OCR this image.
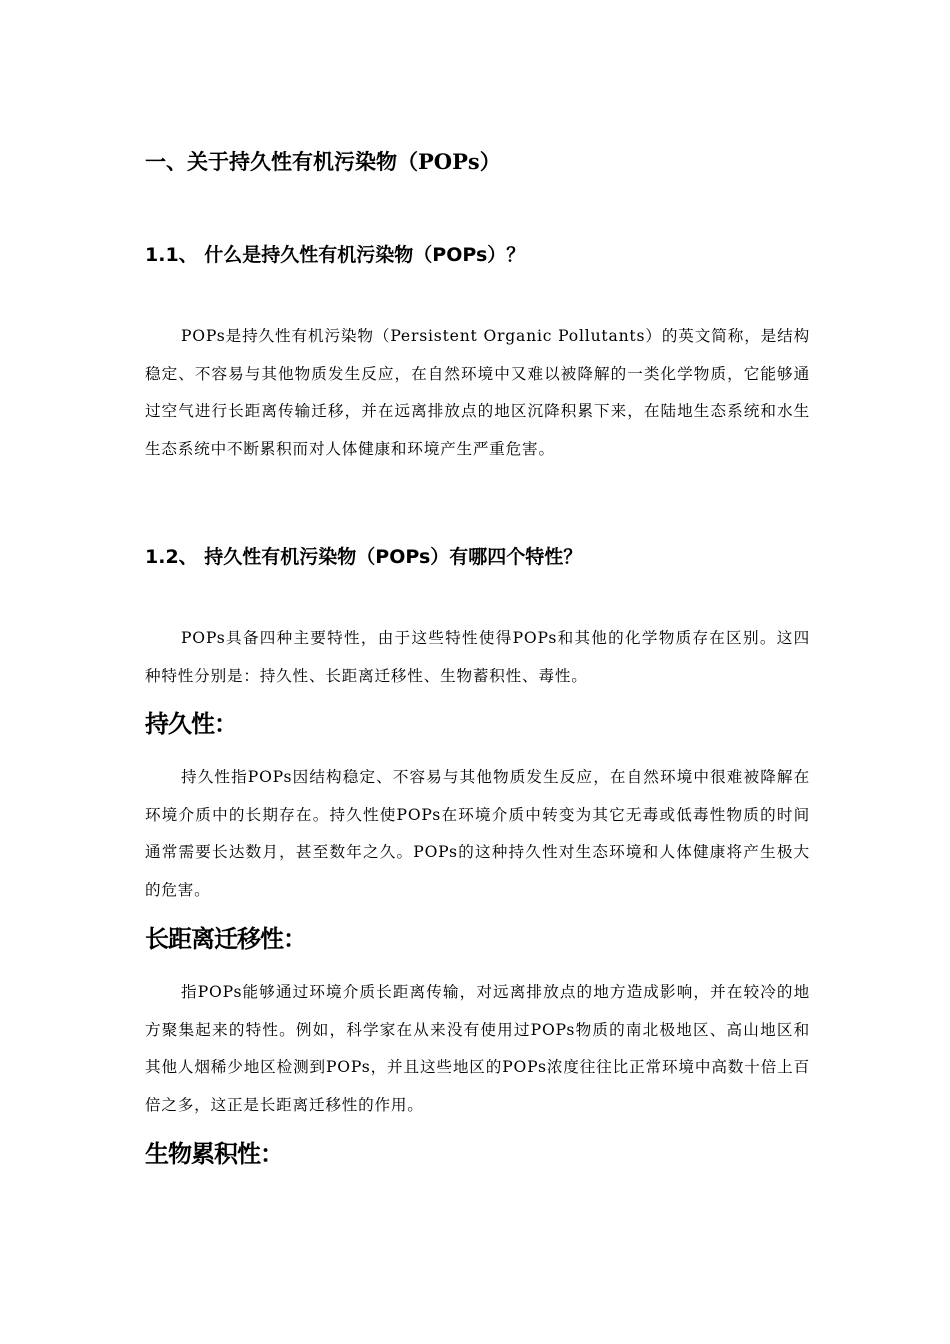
一、关于持久性有机污染物（POPs）
1.1、 什么是持久性有机污染物（POPs）？

POPs是持久性有机污染物（Persistent Organic Pollutants）的英文简称，是结构稳定、不容易与其他物质发生反应，在自然环境中又难以被降解的一类化学物质，它能够通过空气进行长距离传输迁移，并在远离排放点的地区沉降积累下来，在陆地生态系统和水生生态系统中不断累积而对人体健康和环境产生严重危害。

1.2、 持久性有机污染物（POPs）有哪四个特性？

POPs具备四种主要特性，由于这些特性使得POPs和其他的化学物质存在区别。这四种特性分别是：持久性、长距离迁移性、生物蓄积性、毒性。

持久性：

持久性指POPs因结构稳定、不容易与其他物质发生反应，在自然环境中很难被降解在环境介质中的长期存在。持久性使POPs在环境介质中转变为其它无毒或低毒性物质的时间通常需要长达数月，甚至数年之久。POPs的这种持久性对生态环境和人体健康将产生极大的危害。

长距离迁移性：

指POPs能够通过环境介质长距离传输，对远离排放点的地方造成影响，并在较冷的地方聚集起来的特性。例如，科学家在从来没有使用过POPs物质的南北极地区、高山地区和其他人烟稀少地区检测到POPs，并且这些地区的POPs浓度往往比正常环境中高数十倍上百倍之多，这正是长距离迁移性的作用。

生物累积性：
